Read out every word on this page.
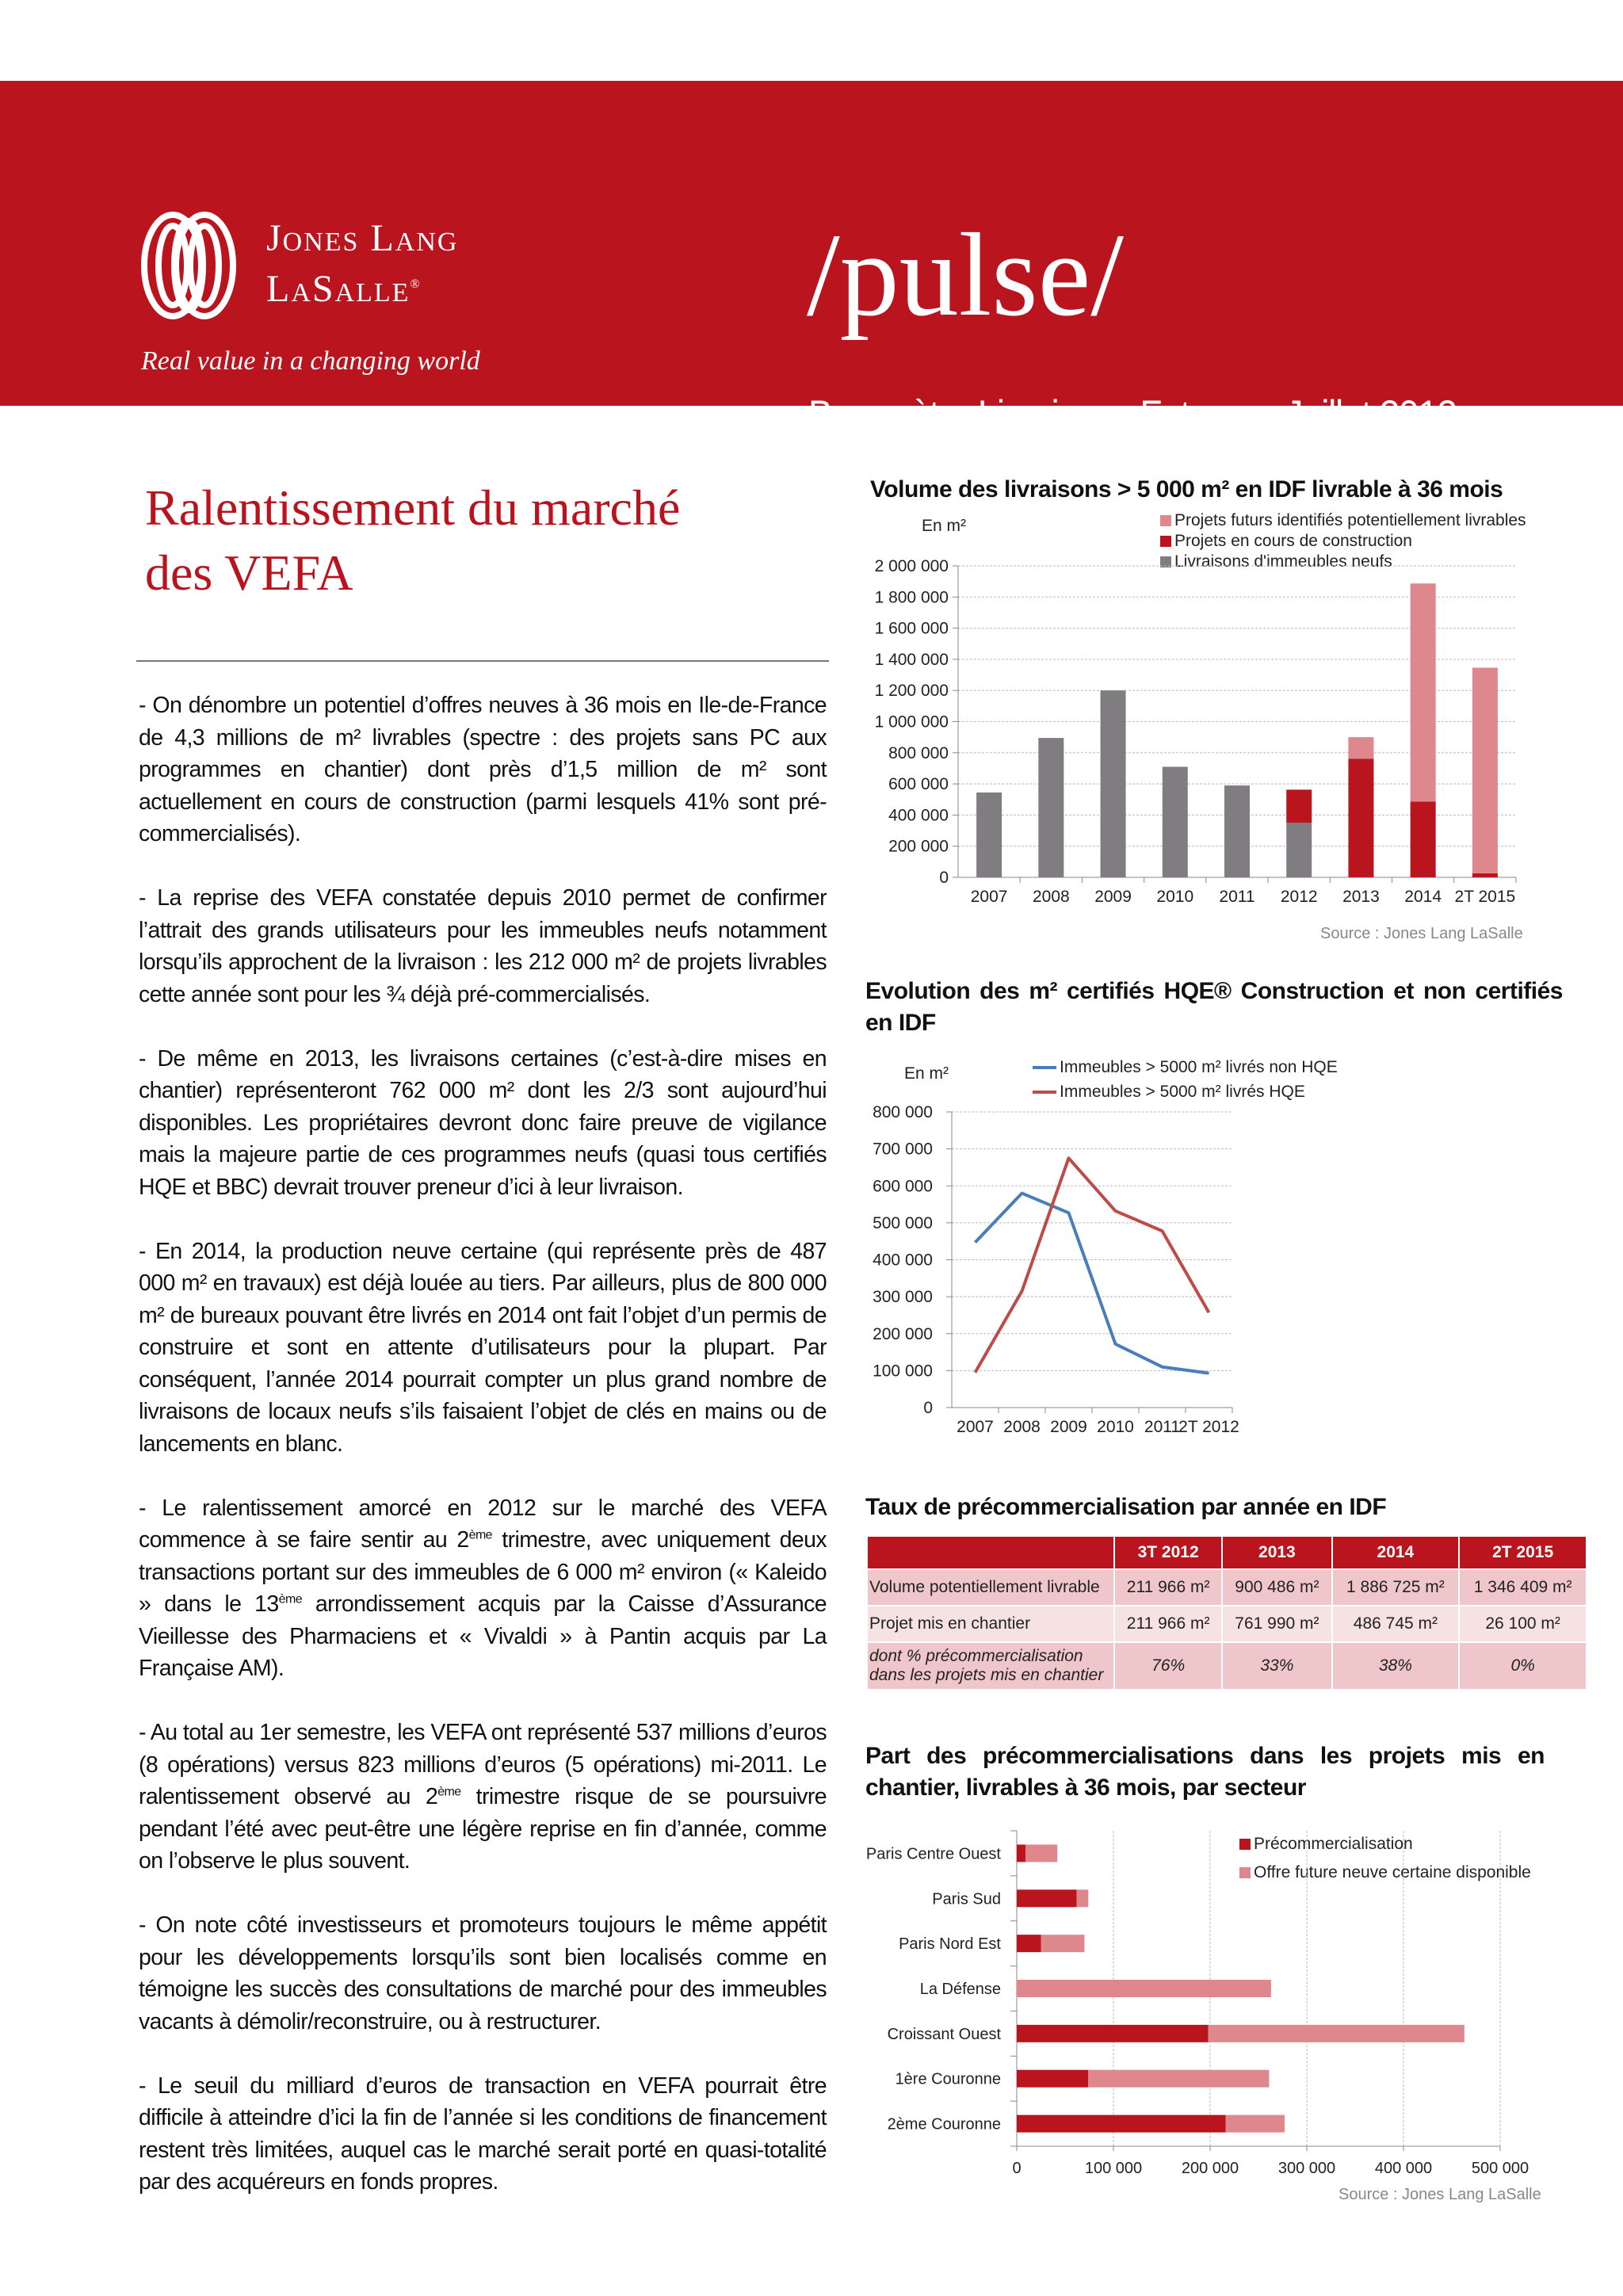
Jones Lang
LaSalle®
Real value in a changing world
/pulse/
Baromètre Livraisons Futures - Juillet 2012
Ralentissement du marché
des VEFA

- On dénombre un potentiel d’offres neuves à 36 mois en Ile-de-France de 4,3 millions de m² livrables (spectre : des projets sans PC aux programmes en chantier) dont près d’1,5 million de m² sont actuellement en cours de construction (parmi lesquels 41% sont pré-commercialisés).

- La reprise des VEFA constatée depuis 2010 permet de confirmer l’attrait des grands utilisateurs pour les immeubles neufs notamment lorsqu’ils approchent de la livraison : les 212 000 m² de projets livrables cette année sont pour les ¾ déjà pré-commercialisés.

- De même en 2013, les livraisons certaines (c’est-à-dire mises en chantier) représenteront 762 000 m² dont les 2/3 sont aujourd’hui disponibles. Les propriétaires devront donc faire preuve de vigilance mais la majeure partie de ces programmes neufs (quasi tous certifiés HQE et BBC) devrait trouver preneur d’ici à leur livraison.

- En 2014, la production neuve certaine (qui représente près de 487 000 m² en travaux) est déjà louée au tiers. Par ailleurs, plus de 800 000 m² de bureaux pouvant être livrés en 2014 ont fait l’objet d’un permis de construire et sont en attente d’utilisateurs pour la plupart. Par conséquent, l’année 2014 pourrait compter un plus grand nombre de livraisons de locaux neufs s’ils faisaient l’objet de clés en mains ou de lancements en blanc.

- Le ralentissement amorcé en 2012 sur le marché des VEFA commence à se faire sentir au 2ème trimestre, avec uniquement deux transactions portant sur des immeubles de 6 000 m² environ (« Kaleido » dans le 13ème arrondissement acquis par la Caisse d’Assurance Vieillesse des Pharmaciens et « Vivaldi » à Pantin acquis par La Française AM).

- Au total au 1er semestre, les VEFA ont représenté 537 millions d’euros (8 opérations) versus 823 millions d’euros (5 opérations) mi-2011. Le ralentissement observé au 2ème trimestre risque de se poursuivre pendant l’été avec peut-être une légère reprise en fin d’année, comme on l’observe le plus souvent.

- On note côté investisseurs et promoteurs toujours le même appétit pour les développements lorsqu’ils sont bien localisés comme en témoigne les succès des consultations de marché pour des immeubles vacants à démolir/reconstruire, ou à restructurer.

- Le seuil du milliard d’euros de transaction en VEFA pourrait être difficile à atteindre d’ici la fin de l’année si les conditions de financement restent très limitées, auquel cas le marché serait porté en quasi-totalité par des acquéreurs en fonds propres.

Volume des livraisons > 5 000 m² en IDF livrable à 36 mois
En m²	Projets futurs identifiés potentiellement livrables
Projets en cours de construction
Livraisons d'immeubles neufs
0
200 000
400 000
600 000
800 000
1 000 000
1 200 000
1 400 000
1 600 000
1 800 000
2 000 000
2007 2008 2009 2010 2011 2012 2013 2014 2T 2015
Source : Jones Lang LaSalle
Evolution des m² certifiés HQE® Construction et non certifiés en IDF
En m²	Immeubles > 5000 m² livrés non HQE
Immeubles > 5000 m² livrés HQE
0
100 000
200 000
300 000
400 000
500 000
600 000
700 000
800 000
2007 2008 2009 2010 2011
2T 2012
Taux de précommercialisation par année en IDF
	3T 2012	2013	2014	2T 2015
Volume potentiellement livrable	211 966 m²	900 486 m²	1 886 725 m²	1 346 409 m²
Projet mis en chantier	211 966 m²	761 990 m²	486 745 m²	26 100 m²
dont % précommercialisation dans les projets mis en chantier	76%	33%	38%	0%
Part des précommercialisations dans les projets mis en chantier, livrables à 36 mois, par secteur
Précommercialisation
Offre future neuve certaine disponible
0	100 000 200 000 300 000 400 000 500 000
Paris Centre Ouest
Paris Sud
Paris Nord Est
La Défense
Croissant Ouest
1ère Couronne
2ème Couronne
Source : Jones Lang LaSalle
